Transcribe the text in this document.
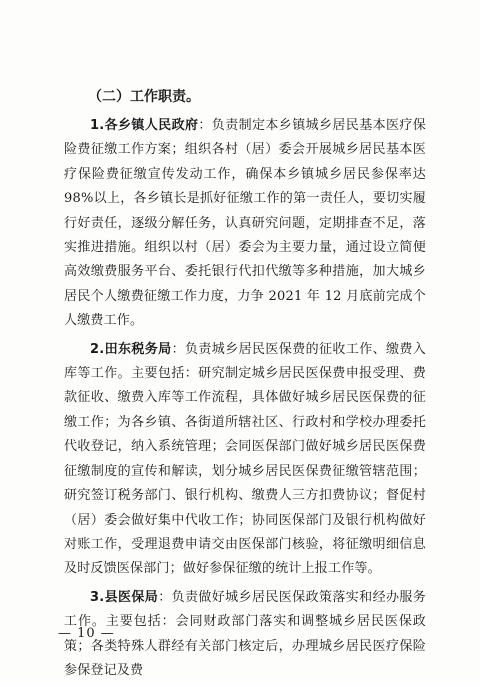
（二）工作职责。

1.各乡镇人民政府：负责制定本乡镇城乡居民基本医疗保险费征缴工作方案；组织各村（居）委会开展城乡居民基本医疗保险费征缴宣传发动工作，确保本乡镇城乡居民参保率达 98%以上，各乡镇长是抓好征缴工作的第一责任人，要切实履行好责任，逐级分解任务，认真研究问题，定期排查不足，落实推进措施。组织以村（居）委会为主要力量，通过设立简便高效缴费服务平台、委托银行代扣代缴等多种措施，加大城乡居民个人缴费征缴工作力度，力争 2021 年 12 月底前完成个人缴费工作。

2.田东税务局：负责城乡居民医保费的征收工作、缴费入库等工作。主要包括：研究制定城乡居民医保费申报受理、费款征收、缴费入库等工作流程，具体做好城乡居民医保费的征缴工作；为各乡镇、各街道所辖社区、行政村和学校办理委托代收登记，纳入系统管理；会同医保部门做好城乡居民医保费征缴制度的宣传和解读，划分城乡居民医保费征缴管辖范围；研究签订税务部门、银行机构、缴费人三方扣费协议；督促村（居）委会做好集中代收工作；协同医保部门及银行机构做好对账工作，受理退费申请交由医保部门核验，将征缴明细信息及时反馈医保部门；做好参保征缴的统计上报工作等。

3.县医保局：负责做好城乡居民医保政策落实和经办服务工作。主要包括：会同财政部门落实和调整城乡居民医保政策；各类特殊人群经有关部门核定后，办理城乡居民医疗保险参保登记及费

— 10 —
